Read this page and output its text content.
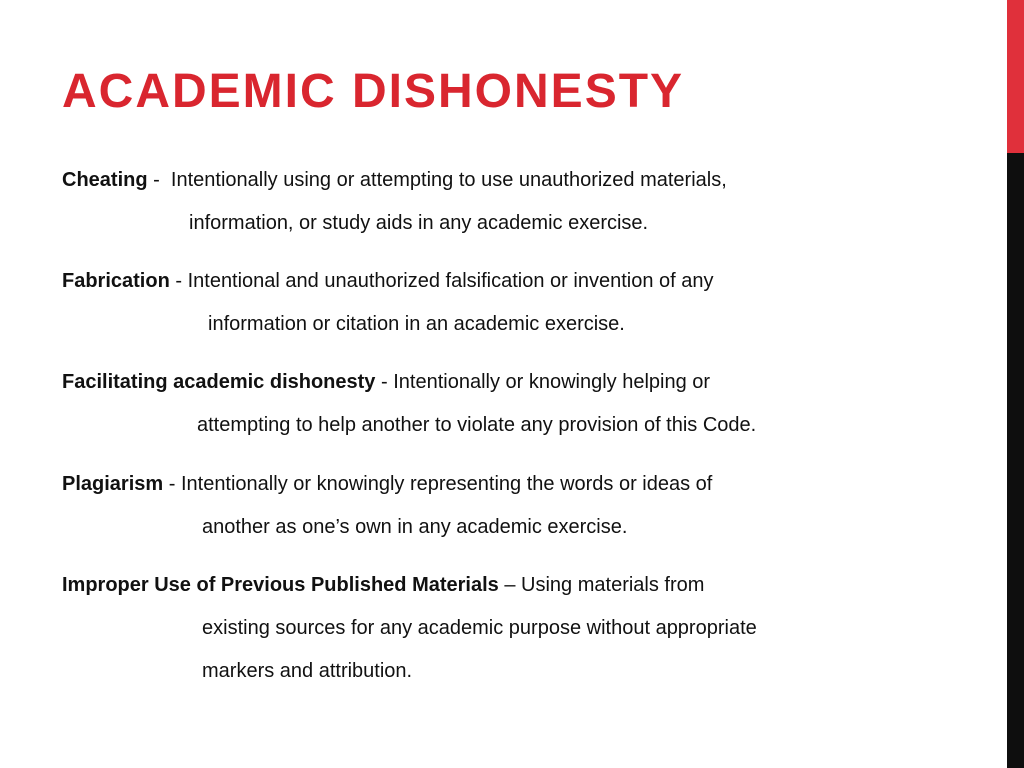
ACADEMIC DISHONESTY
Cheating -  Intentionally using or attempting to use unauthorized materials,
information, or study aids in any academic exercise.
Fabrication - Intentional and unauthorized falsification or invention of any
information or citation in an academic exercise.
Facilitating academic dishonesty - Intentionally or knowingly helping or
attempting to help another to violate any provision of this Code.
Plagiarism - Intentionally or knowingly representing the words or ideas of
another as one’s own in any academic exercise.
Improper Use of Previous Published Materials – Using materials from
existing sources for any academic purpose without appropriate
markers and attribution.
